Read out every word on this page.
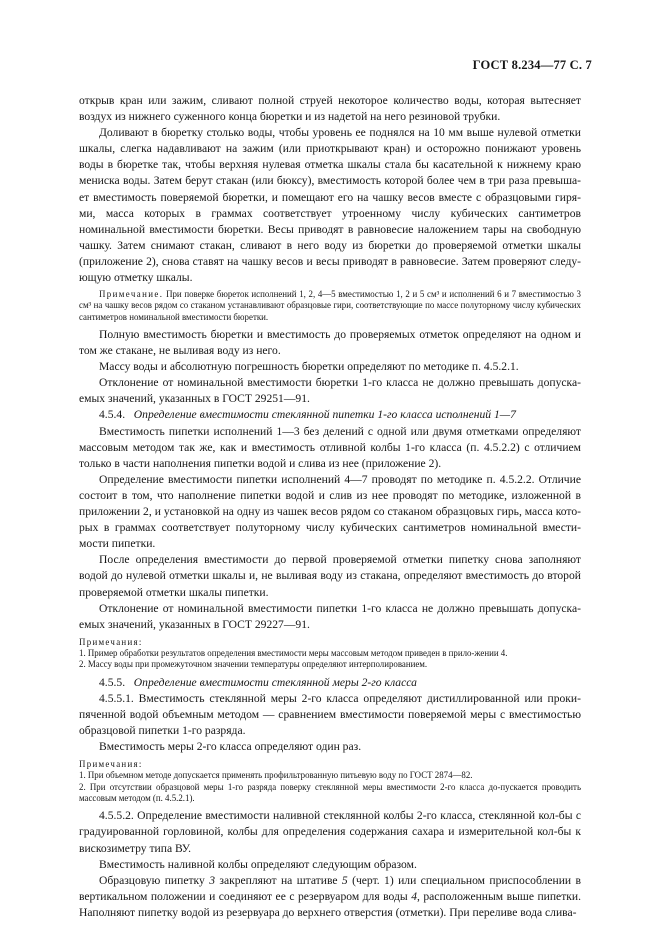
ГОСТ 8.234—77 С. 7

открыв кран или зажим, сливают полной струей некоторое количество воды, которая вытесняет воздух из нижнего суженного конца бюретки и из надетой на него резиновой трубки.

Доливают в бюретку столько воды, чтобы уровень ее поднялся на 10 мм выше нулевой отметки шкалы, слегка надавливают на зажим (или приоткрывают кран) и осторожно понижают уровень воды в бюретке так, чтобы верхняя нулевая отметка шкалы стала бы касательной к нижнему краю мениска воды. Затем берут стакан (или бюксу), вместимость которой более чем в три раза превыша-ет вместимость поверяемой бюретки, и помещают его на чашку весов вместе с образцовыми гиря-ми, масса которых в граммах соответствует утроенному числу кубических сантиметров номинальной вместимости бюретки. Весы приводят в равновесие наложением тары на свободную чашку. Затем снимают стакан, сливают в него воду из бюретки до проверяемой отметки шкалы (приложение 2), снова ставят на чашку весов и весы приводят в равновесие. Затем проверяют следу-ющую отметку шкалы.

Примечание. При поверке бюреток исполнений 1, 2, 4—5 вместимостью 1, 2 и 5 см³ и исполнений 6 и 7 вместимостью 3 см³ на чашку весов рядом со стаканом устанавливают образцовые гири, соответствующие по массе полуторному числу кубических сантиметров номинальной вместимости бюретки.

Полную вместимость бюретки и вместимость до проверяемых отметок определяют на одном и том же стакане, не выливая воду из него.

Массу воды и абсолютную погрешность бюретки определяют по методике п. 4.5.2.1.

Отклонение от номинальной вместимости бюретки 1-го класса не должно превышать допуска-емых значений, указанных в ГОСТ 29251—91.

4.5.4. Определение вместимости стеклянной пипетки 1-го класса исполнений 1—7

Вместимость пипетки исполнений 1—3 без делений с одной или двумя отметками определяют массовым методом так же, как и вместимость отливной колбы 1-го класса (п. 4.5.2.2) с отличием только в части наполнения пипетки водой и слива из нее (приложение 2).

Определение вместимости пипетки исполнений 4—7 проводят по методике п. 4.5.2.2. Отличие состоит в том, что наполнение пипетки водой и слив из нее проводят по методике, изложенной в приложении 2, и установкой на одну из чашек весов рядом со стаканом образцовых гирь, масса кото-рых в граммах соответствует полуторному числу кубических сантиметров номинальной вмести-мости пипетки.

После определения вместимости до первой проверяемой отметки пипетку снова заполняют водой до нулевой отметки шкалы и, не выливая воду из стакана, определяют вместимость до второй проверяемой отметки шкалы пипетки.

Отклонение от номинальной вместимости пипетки 1-го класса не должно превышать допуска-емых значений, указанных в ГОСТ 29227—91.

Примечания:

1. Пример обработки результатов определения вместимости меры массовым методом приведен в прило-жении 4.

2. Массу воды при промежуточном значении температуры определяют интерполированием.

4.5.5. Определение вместимости стеклянной меры 2-го класса

4.5.5.1. Вместимость стеклянной меры 2-го класса определяют дистиллированной или проки-пяченной водой объемным методом — сравнением вместимости поверяемой меры с вместимостью образцовой пипетки 1-го разряда.

Вместимость меры 2-го класса определяют один раз.

Примечания:

1. При объемном методе допускается применять профильтрованную питьевую воду по ГОСТ 2874—82.

2. При отсутствии образцовой меры 1-го разряда поверку стеклянной меры вместимости 2-го класса до-пускается проводить массовым методом (п. 4.5.2.1).

4.5.5.2. Определение вместимости наливной стеклянной колбы 2-го класса, стеклянной кол-бы с градуированной горловиной, колбы для определения содержания сахара и измерительной кол-бы к вискозиметру типа ВУ.

Вместимость наливной колбы определяют следующим образом.

Образцовую пипетку 3 закрепляют на штативе 5 (черт. 1) или специальном приспособлении в вертикальном положении и соединяют ее с резервуаром для воды 4, расположенным выше пипетки. Наполняют пипетку водой из резервуара до верхнего отверстия (отметки). При переливе вода слива-
